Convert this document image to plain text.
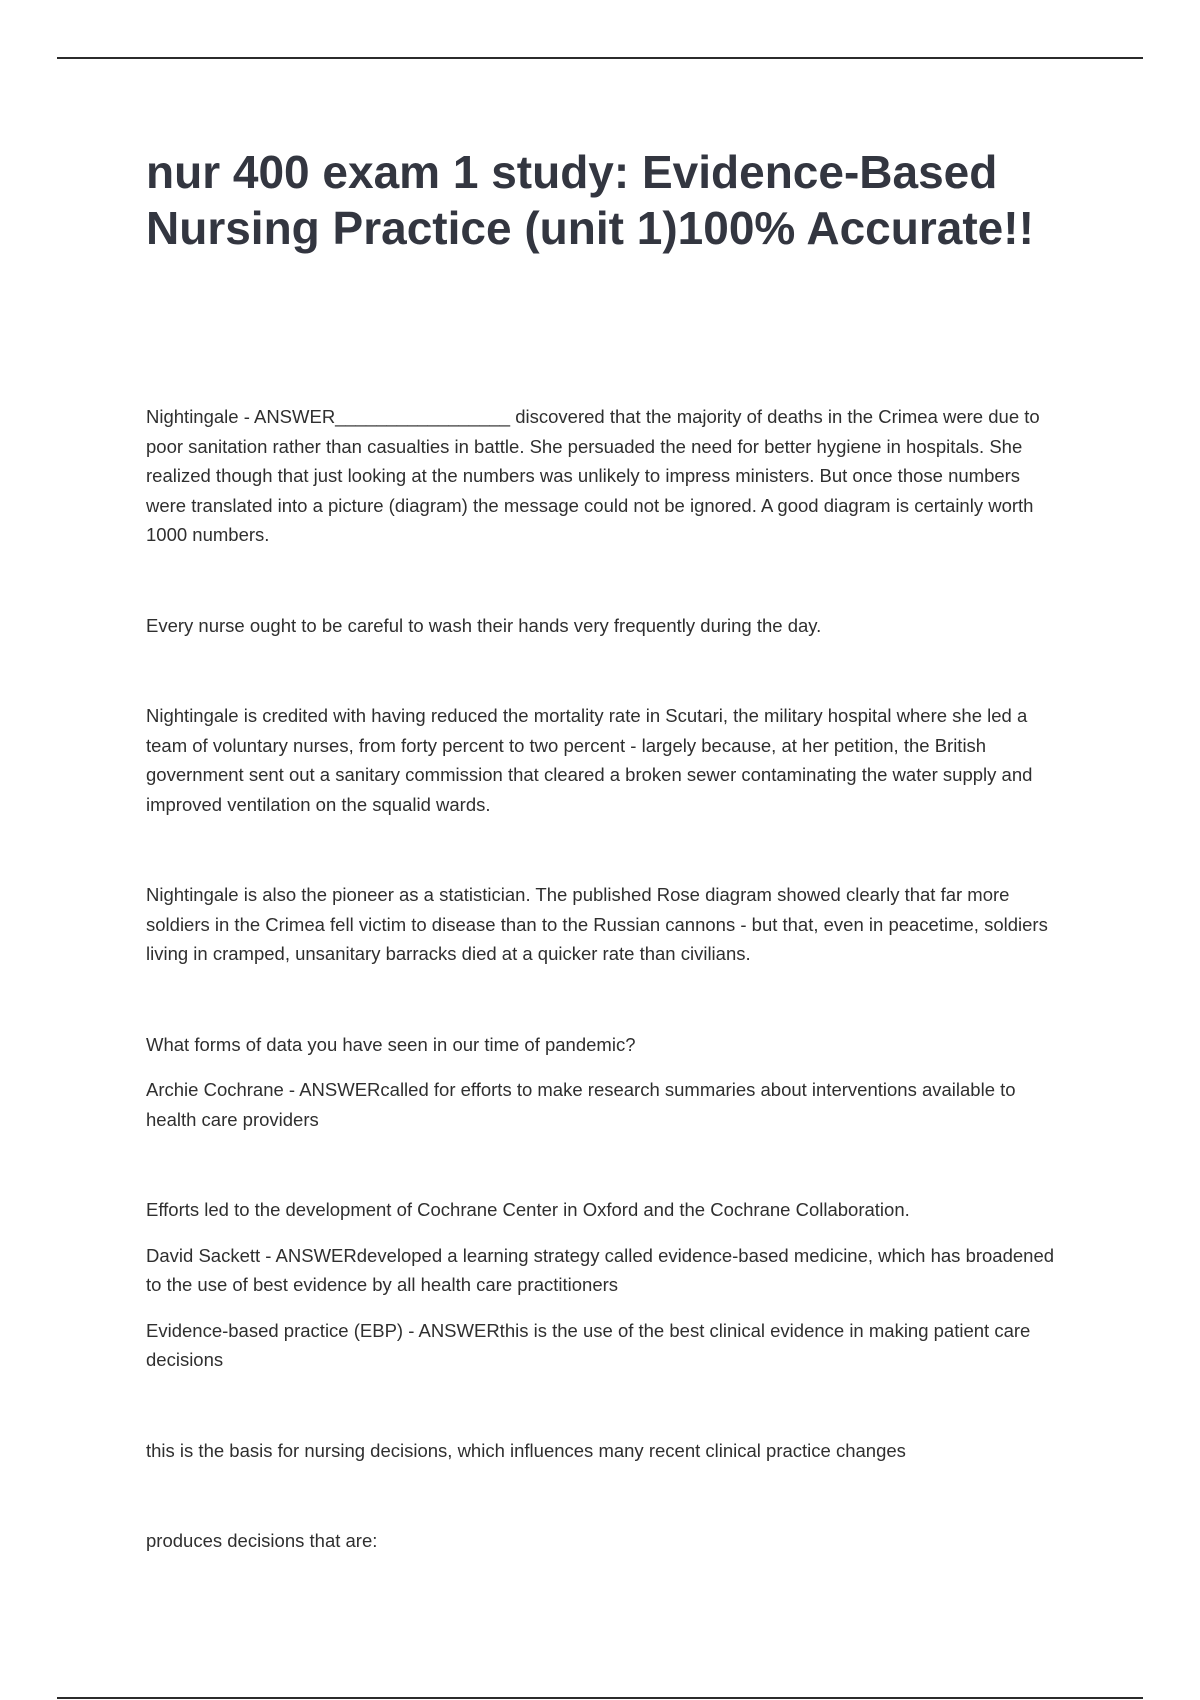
nur 400 exam 1 study: Evidence-Based Nursing Practice (unit 1)100% Accurate!!

Nightingale - ANSWER_________________ discovered that the majority of deaths in the Crimea were due to poor sanitation rather than casualties in battle. She persuaded the need for better hygiene in hospitals. She realized though that just looking at the numbers was unlikely to impress ministers. But once those numbers were translated into a picture (diagram) the message could not be ignored. A good diagram is certainly worth 1000 numbers.

Every nurse ought to be careful to wash their hands very frequently during the day.

Nightingale is credited with having reduced the mortality rate in Scutari, the military hospital where she led a team of voluntary nurses, from forty percent to two percent - largely because, at her petition, the British government sent out a sanitary commission that cleared a broken sewer contaminating the water supply and improved ventilation on the squalid wards.

Nightingale is also the pioneer as a statistician. The published Rose diagram showed clearly that far more soldiers in the Crimea fell victim to disease than to the Russian cannons - but that, even in peacetime, soldiers living in cramped, unsanitary barracks died at a quicker rate than civilians.

What forms of data you have seen in our time of pandemic?

Archie Cochrane - ANSWERcalled for efforts to make research summaries about interventions available to health care providers

Efforts led to the development of Cochrane Center in Oxford and the Cochrane Collaboration.

David Sackett - ANSWERdeveloped a learning strategy called evidence-based medicine, which has broadened to the use of best evidence by all health care practitioners

Evidence-based practice (EBP) - ANSWERthis is the use of the best clinical evidence in making patient care decisions

this is the basis for nursing decisions, which influences many recent clinical practice changes

produces decisions that are:
